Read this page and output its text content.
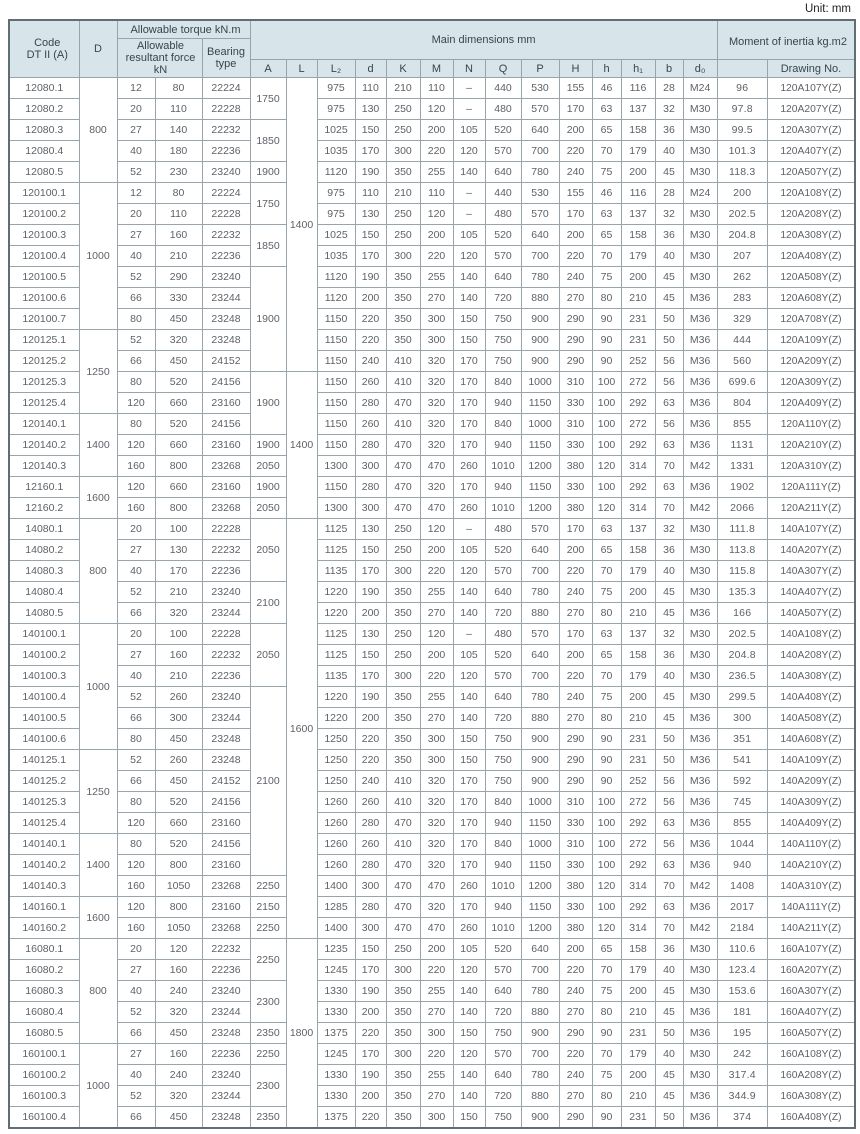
Unit: mm
Code
DT II (A)	D	Allowable torque kN.m			Main dimensions mm														Moment of inertia kg.m2	
		Allowable resultant force kN		Bearing type																
					A	L	L₂	d	K	M	N	Q	P	H	h	h₁	b	d₀		Drawing No.
12080.1	800	12	80	22224	1750	1400	975	110	210	110	–	440	530	155	46	116	28	M24	96	120A107Y(Z)
12080.2		20	110	22228			975	130	250	120	–	480	570	170	63	137	32	M30	97.8	120A207Y(Z)
12080.3		27	140	22232	1850		1025	150	250	200	105	520	640	200	65	158	36	M30	99.5	120A307Y(Z)
12080.4		40	180	22236			1035	170	300	220	120	570	700	220	70	179	40	M30	101.3	120A407Y(Z)
12080.5		52	230	23240	1900		1120	190	350	255	140	640	780	240	75	200	45	M30	118.3	120A507Y(Z)
120100.1	1000	12	80	22224	1750		975	110	210	110	–	440	530	155	46	116	28	M24	200	120A108Y(Z)
120100.2		20	110	22228			975	130	250	120	–	480	570	170	63	137	32	M30	202.5	120A208Y(Z)
120100.3		27	160	22232	1850		1025	150	250	200	105	520	640	200	65	158	36	M30	204.8	120A308Y(Z)
120100.4		40	210	22236			1035	170	300	220	120	570	700	220	70	179	40	M30	207	120A408Y(Z)
120100.5		52	290	23240	1900		1120	190	350	255	140	640	780	240	75	200	45	M30	262	120A508Y(Z)
120100.6		66	330	23244			1120	200	350	270	140	720	880	270	80	210	45	M36	283	120A608Y(Z)
120100.7		80	450	23248			1150	220	350	300	150	750	900	290	90	231	50	M36	329	120A708Y(Z)
120125.1	1250	52	320	23248			1150	220	350	300	150	750	900	290	90	231	50	M36	444	120A109Y(Z)
120125.2		66	450	24152			1150	240	410	320	170	750	900	290	90	252	56	M36	560	120A209Y(Z)
120125.3		80	520	24156	1900	1400	1150	260	410	320	170	840	1000	310	100	272	56	M36	699.6	120A309Y(Z)
120125.4		120	660	23160			1150	280	470	320	170	940	1150	330	100	292	63	M36	804	120A409Y(Z)
120140.1	1400	80	520	24156			1150	260	410	320	170	840	1000	310	100	272	56	M36	855	120A110Y(Z)
120140.2		120	660	23160	1900		1150	280	470	320	170	940	1150	330	100	292	63	M36	1131	120A210Y(Z)
120140.3		160	800	23268	2050		1300	300	470	470	260	1010	1200	380	120	314	70	M42	1331	120A310Y(Z)
12160.1	1600	120	660	23160	1900		1150	280	470	320	170	940	1150	330	100	292	63	M36	1902	120A111Y(Z)
12160.2		160	800	23268	2050		1300	300	470	470	260	1010	1200	380	120	314	70	M42	2066	120A211Y(Z)
14080.1	800	20	100	22228	2050	1600	1125	130	250	120	–	480	570	170	63	137	32	M30	111.8	140A107Y(Z)
14080.2		27	130	22232			1125	150	250	200	105	520	640	200	65	158	36	M30	113.8	140A207Y(Z)
14080.3		40	170	22236			1135	170	300	220	120	570	700	220	70	179	40	M30	115.8	140A307Y(Z)
14080.4		52	210	23240	2100		1220	190	350	255	140	640	780	240	75	200	45	M30	135.3	140A407Y(Z)
14080.5		66	320	23244			1220	200	350	270	140	720	880	270	80	210	45	M36	166	140A507Y(Z)
140100.1	1000	20	100	22228	2050		1125	130	250	120	–	480	570	170	63	137	32	M30	202.5	140A108Y(Z)
140100.2		27	160	22232			1125	150	250	200	105	520	640	200	65	158	36	M30	204.8	140A208Y(Z)
140100.3		40	210	22236			1135	170	300	220	120	570	700	220	70	179	40	M30	236.5	140A308Y(Z)
140100.4		52	260	23240	2100		1220	190	350	255	140	640	780	240	75	200	45	M30	299.5	140A408Y(Z)
140100.5		66	300	23244			1220	200	350	270	140	720	880	270	80	210	45	M36	300	140A508Y(Z)
140100.6		80	450	23248			1250	220	350	300	150	750	900	290	90	231	50	M36	351	140A608Y(Z)
140125.1	1250	52	260	23248			1250	220	350	300	150	750	900	290	90	231	50	M36	541	140A109Y(Z)
140125.2		66	450	24152			1250	240	410	320	170	750	900	290	90	252	56	M36	592	140A209Y(Z)
140125.3		80	520	24156			1260	260	410	320	170	840	1000	310	100	272	56	M36	745	140A309Y(Z)
140125.4		120	660	23160			1260	280	470	320	170	940	1150	330	100	292	63	M36	855	140A409Y(Z)
140140.1	1400	80	520	24156			1260	260	410	320	170	840	1000	310	100	272	56	M36	1044	140A110Y(Z)
140140.2		120	800	23160			1260	280	470	320	170	940	1150	330	100	292	63	M36	940	140A210Y(Z)
140140.3		160	1050	23268	2250		1400	300	470	470	260	1010	1200	380	120	314	70	M42	1408	140A310Y(Z)
140160.1	1600	120	800	23160	2150		1285	280	470	320	170	940	1150	330	100	292	63	M36	2017	140A111Y(Z)
140160.2		160	1050	23268	2250		1400	300	470	470	260	1010	1200	380	120	314	70	M42	2184	140A211Y(Z)
16080.1	800	20	120	22232	2250	1800	1235	150	250	200	105	520	640	200	65	158	36	M30	110.6	160A107Y(Z)
16080.2		27	160	22236			1245	170	300	220	120	570	700	220	70	179	40	M30	123.4	160A207Y(Z)
16080.3		40	240	23240	2300		1330	190	350	255	140	640	780	240	75	200	45	M30	153.6	160A307Y(Z)
16080.4		52	320	23244			1330	200	350	270	140	720	880	270	80	210	45	M36	181	160A407Y(Z)
16080.5		66	450	23248	2350		1375	220	350	300	150	750	900	290	90	231	50	M36	195	160A507Y(Z)
160100.1	1000	27	160	22236	2250		1245	170	300	220	120	570	700	220	70	179	40	M30	242	160A108Y(Z)
160100.2		40	240	23240	2300		1330	190	350	255	140	640	780	240	75	200	45	M30	317.4	160A208Y(Z)
160100.3		52	320	23244			1330	200	350	270	140	720	880	270	80	210	45	M36	344.9	160A308Y(Z)
160100.4		66	450	23248	2350		1375	220	350	300	150	750	900	290	90	231	50	M36	374	160A408Y(Z)
